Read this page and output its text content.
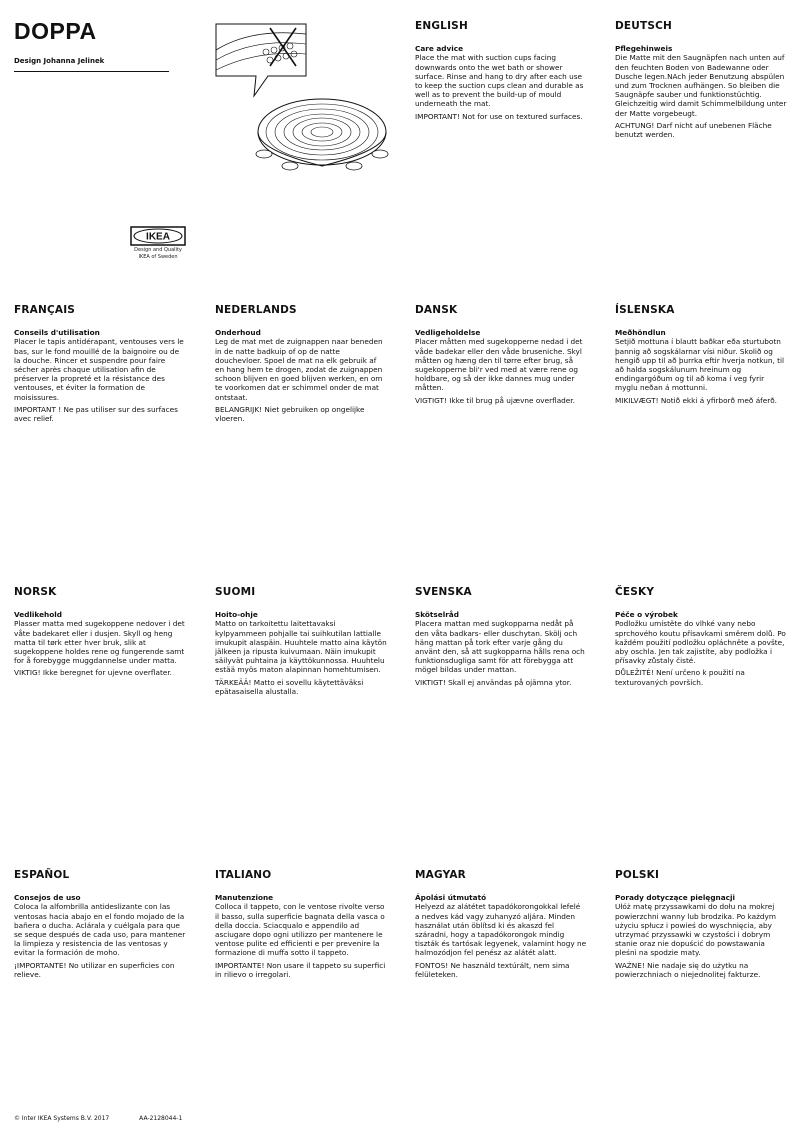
DOPPA
Design Johanna Jelinek
IKEA
Design and Quality
IKEA of Sweden
ENGLISH
Care advice

Place the mat with suction cups facing downwards onto the wet bath or shower surface. Rinse and hang to dry after each use to keep the suction cups clean and durable as well as to prevent the build-up of mould underneath the mat.

IMPORTANT! Not for use on textured surfaces.

DEUTSCH
Pflegehinweis

Die Matte mit den Saugnäpfen nach unten auf den feuchten Boden von Badewanne oder Dusche legen.NAch jeder Benutzung abspülen und zum Trocknen aufhängen. So bleiben die Saugnäpfe sauber und funktionstüchtig. Gleichzeitig wird damit Schimmelbildung unter der Matte vorgebeugt.

ACHTUNG! Darf nicht auf unebenen Fläche benutzt werden.

FRANÇAIS
Conseils d'utilisation

Placer le tapis antidérapant, ventouses vers le bas, sur le fond mouillé de la baignoire ou de la douche. Rincer et suspendre pour faire sécher après chaque utilisation afin de préserver la propreté et la résistance des ventouses, et éviter la formation de moisissures.

IMPORTANT ! Ne pas utiliser sur des surfaces avec relief.

NEDERLANDS
Onderhoud

Leg de mat met de zuignappen naar beneden in de natte badkuip of op de natte douchevloer. Spoel de mat na elk gebruik af en hang hem te drogen, zodat de zuignappen schoon blijven en goed blijven werken, en om te voorkomen dat er schimmel onder de mat ontstaat.

BELANGRIJK! Niet gebruiken op ongelijke vloeren.

DANSK
Vedligeholdelse

Placer måtten med sugekopperne nedad i det våde badekar eller den våde bruseniche. Skyl måtten og hæng den til tørre efter brug, så sugekopperne bli'r ved med at være rene og holdbare, og så der ikke dannes mug under måtten.

VIGTIGT! Ikke til brug på ujævne overflader.

ÍSLENSKA
Meðhöndlun

Setjið mottuna í blautt baðkar eða sturtubotn þannig að sogskálarnar vísi niður. Skolið og hengið upp til að þurrka eftir hverja notkun, til að halda sogskálunum hreinum og endingargóðum og til að koma í veg fyrir myglu neðan á mottunni.

MIKILVÆGT! Notið ekki á yfirborð með áferð.

NORSK
Vedlikehold

Plasser matta med sugekoppene nedover i det våte badekaret eller i dusjen. Skyll og heng matta til tørk etter hver bruk, slik at sugekoppene holdes rene og fungerende samt for å forebygge muggdannelse under matta.

VIKTIG! Ikke beregnet for ujevne overflater.

SUOMI
Hoito-ohje

Matto on tarkoitettu laitettavaksi kylpyammeen pohjalle tai suihkutilan lattialle imukupit alaspäin. Huuhtele matto aina käytön jälkeen ja ripusta kuivumaan. Näin imukupit säilyvät puhtaina ja käyttökunnossa. Huuhtelu estää myös maton alapinnan homehtumisen.

TÄRKEÄÄ! Matto ei sovellu käytettäväksi epätasaisella alustalla.

SVENSKA
Skötselråd

Placera mattan med sugkopparna nedåt på den våta badkars- eller duschytan. Skölj och häng mattan på tork efter varje gång du använt den, så att sugkopparna hålls rena och funktionsdugliga samt för att förebygga att mögel bildas under mattan.

VIKTIGT! Skall ej användas på ojämna ytor.

ČESKY
Péče o výrobek

Podložku umístěte do vlhké vany nebo sprchového koutu přísavkami směrem dolů. Po každém použití podložku opláchněte a povšte, aby oschla. Jen tak zajistíte, aby podložka i přísavky zůstaly čisté.

DŮLEŽITÉ! Není určeno k použití na texturovaných površích.

ESPAÑOL
Consejos de uso

Coloca la alfombrilla antideslizante con las ventosas hacia abajo en el fondo mojado de la bañera o ducha. Aclárala y cuélgala para que se seque después de cada uso, para mantener la limpieza y resistencia de las ventosas y evitar la formación de moho.

¡IMPORTANTE! No utilizar en superficies con relieve.

ITALIANO
Manutenzione

Colloca il tappeto, con le ventose rivolte verso il basso, sulla superficie bagnata della vasca o della doccia. Sciacqualo e appendilo ad asciugare dopo ogni utilizzo per mantenere le ventose pulite ed efficienti e per prevenire la formazione di muffa sotto il tappeto.

IMPORTANTE! Non usare il tappeto su superfici in rilievo o irregolari.

MAGYAR
Ápolási útmutató

Helyezd az alátétet tapadókorongokkal lefelé a nedves kád vagy zuhanyzó aljára. Minden használat után öblítsd ki és akaszd fel száradni, hogy a tapadókorongok mindig tiszták és tartósak legyenek, valamint hogy ne halmozódjon fel penész az alátét alatt.

FONTOS! Ne használd textúrált, nem sima felületeken.

POLSKI
Porady dotyczące pielęgnacji

Ułóż matę przyssawkami do dołu na mokrej powierzchni wanny lub brodzika. Po każdym użyciu spłucz i powieś do wyschnięcia, aby utrzymać przyssawki w czystości i dobrym stanie oraz nie dopuścić do powstawania pleśni na spodzie maty.

WAŻNE! Nie nadaje się do użytku na powierzchniach o niejednolitej fakturze.

© Inter IKEA Systems B.V. 2017	AA-2128044-1
